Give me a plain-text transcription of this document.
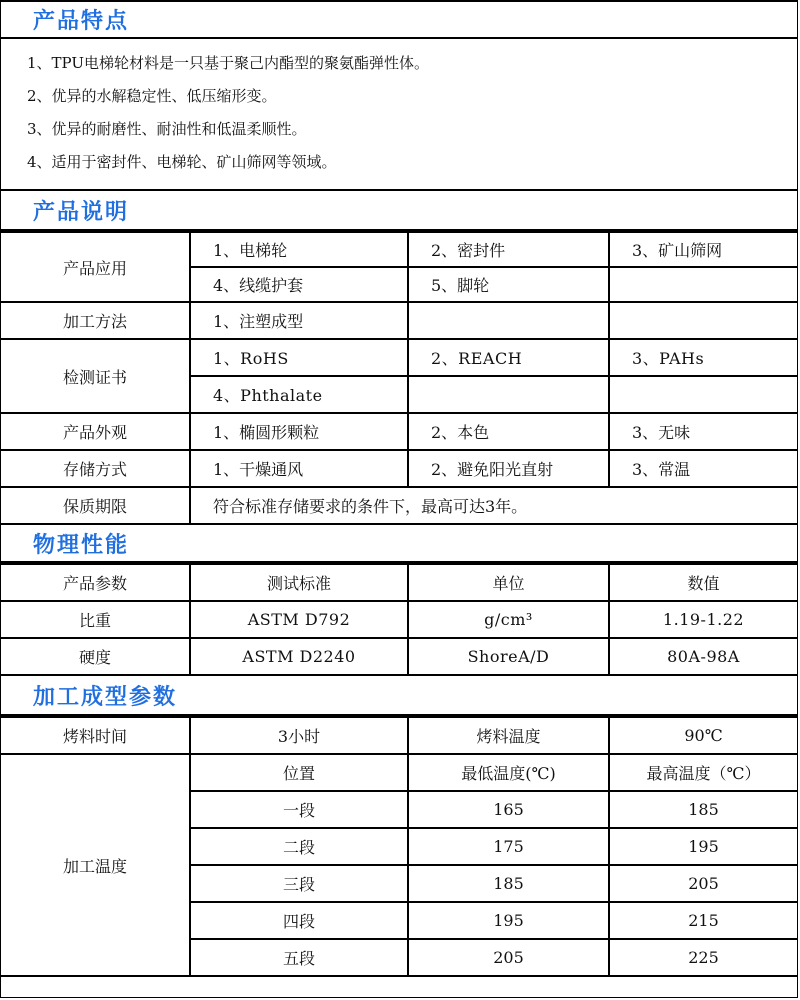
产品特点
1、TPU电梯轮材料是一只基于聚己内酯型的聚氨酯弹性体。
2、优异的水解稳定性、低压缩形变。
3、优异的耐磨性、耐油性和低温柔顺性。
4、适用于密封件、电梯轮、矿山筛网等领域。
产品说明
产品应用	1、电梯轮	2、密封件	3、矿山筛网
	4、线缆护套	5、脚轮	
加工方法	1、注塑成型		
检测证书	1、RoHS	2、REACH	3、PAHs
	4、Phthalate		
产品外观	1、椭圆形颗粒	2、本色	3、无味
存储方式	1、干燥通风	2、避免阳光直射	3、常温
保质期限	符合标准存储要求的条件下，最高可达3年。		
物理性能
产品参数	测试标准	单位	数值
比重	ASTM D792	g/cm³	1.19-1.22
硬度	ASTM D2240	ShoreA/D	80A-98A
加工成型参数
烤料时间	3小时	烤料温度	90℃
加工温度	位置	最低温度(℃)	最高温度（℃）
	一段	165	185
	二段	175	195
	三段	185	205
	四段	195	215
	五段	205	225
